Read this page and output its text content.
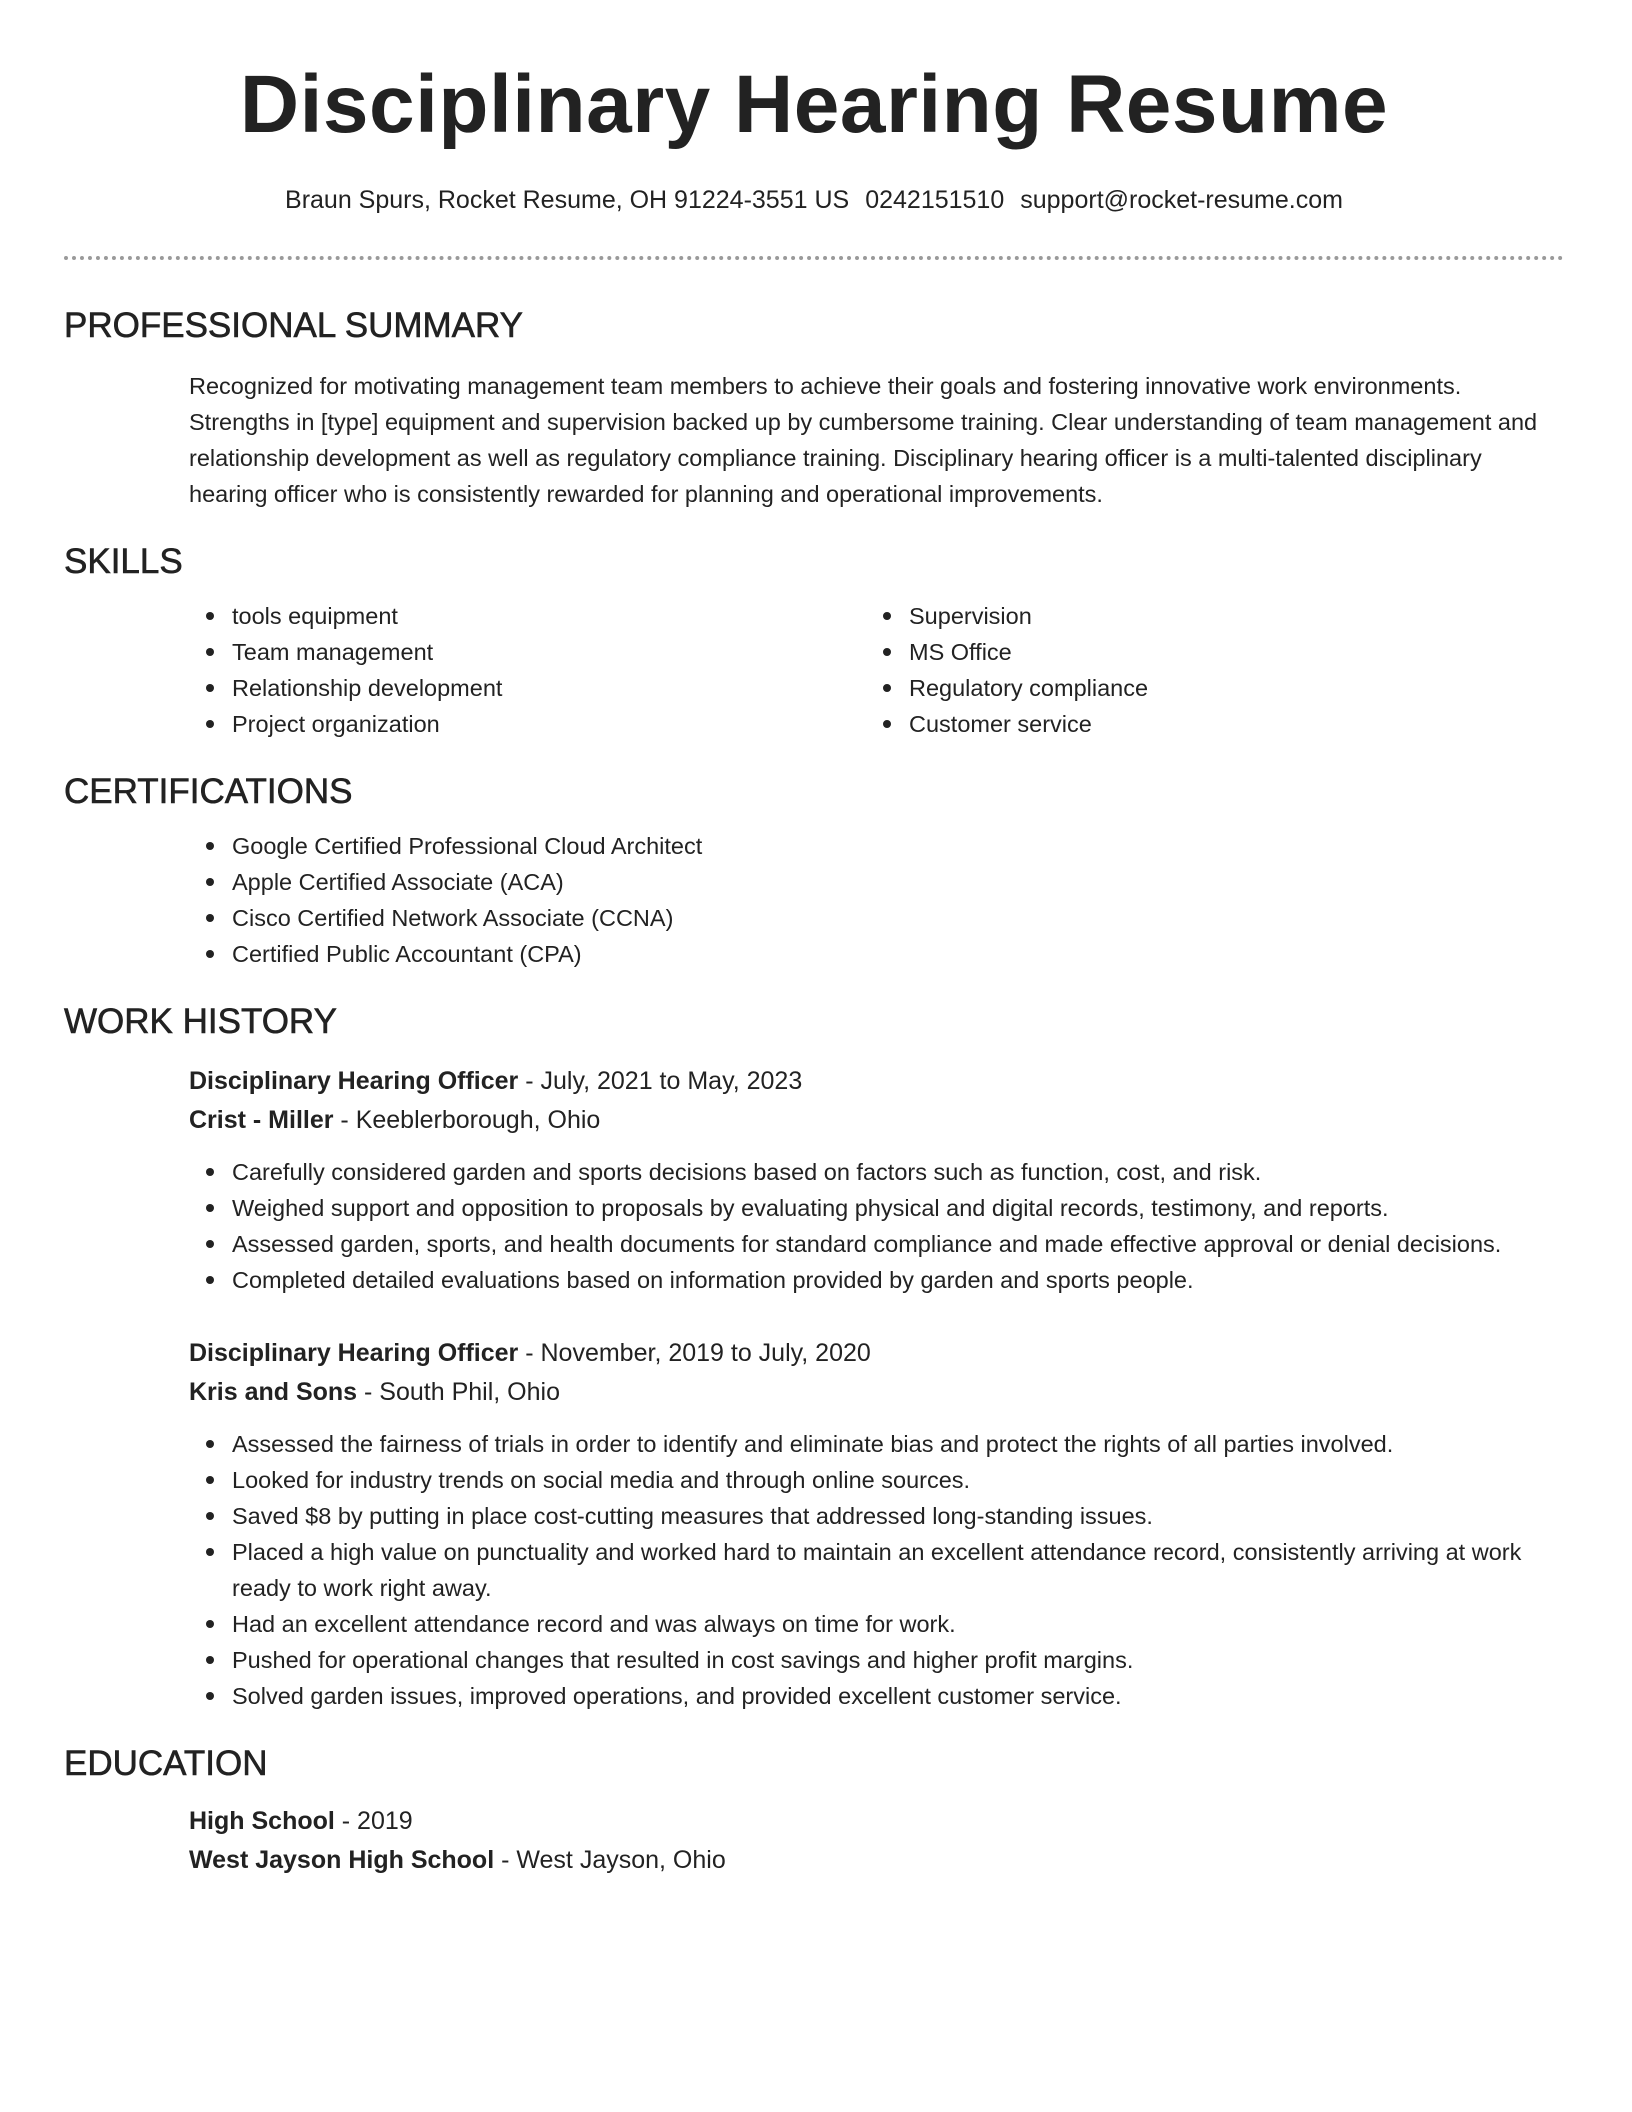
Disciplinary Hearing Resume
Braun Spurs, Rocket Resume, OH 91224-3551 US 0242151510 support@rocket-resume.com
PROFESSIONAL SUMMARY
Recognized for motivating management team members to achieve their goals and fostering innovative work environments. Strengths in [type] equipment and supervision backed up by cumbersome training. Clear understanding of team management and relationship development as well as regulatory compliance training. Disciplinary hearing officer is a multi-talented disciplinary hearing officer who is consistently rewarded for planning and operational improvements.
SKILLS
tools equipment
Team management
Relationship development
Project organization
Supervision
MS Office
Regulatory compliance
Customer service
CERTIFICATIONS
Google Certified Professional Cloud Architect
Apple Certified Associate (ACA)
Cisco Certified Network Associate (CCNA)
Certified Public Accountant (CPA)
WORK HISTORY
Disciplinary Hearing Officer - July, 2021 to May, 2023
Crist - Miller - Keeblerborough, Ohio
Carefully considered garden and sports decisions based on factors such as function, cost, and risk.
Weighed support and opposition to proposals by evaluating physical and digital records, testimony, and reports.
Assessed garden, sports, and health documents for standard compliance and made effective approval or denial decisions.
Completed detailed evaluations based on information provided by garden and sports people.
Disciplinary Hearing Officer - November, 2019 to July, 2020
Kris and Sons - South Phil, Ohio
Assessed the fairness of trials in order to identify and eliminate bias and protect the rights of all parties involved.
Looked for industry trends on social media and through online sources.
Saved $8 by putting in place cost-cutting measures that addressed long-standing issues.
Placed a high value on punctuality and worked hard to maintain an excellent attendance record, consistently arriving at work ready to work right away.
Had an excellent attendance record and was always on time for work.
Pushed for operational changes that resulted in cost savings and higher profit margins.
Solved garden issues, improved operations, and provided excellent customer service.
EDUCATION
High School - 2019
West Jayson High School - West Jayson, Ohio
